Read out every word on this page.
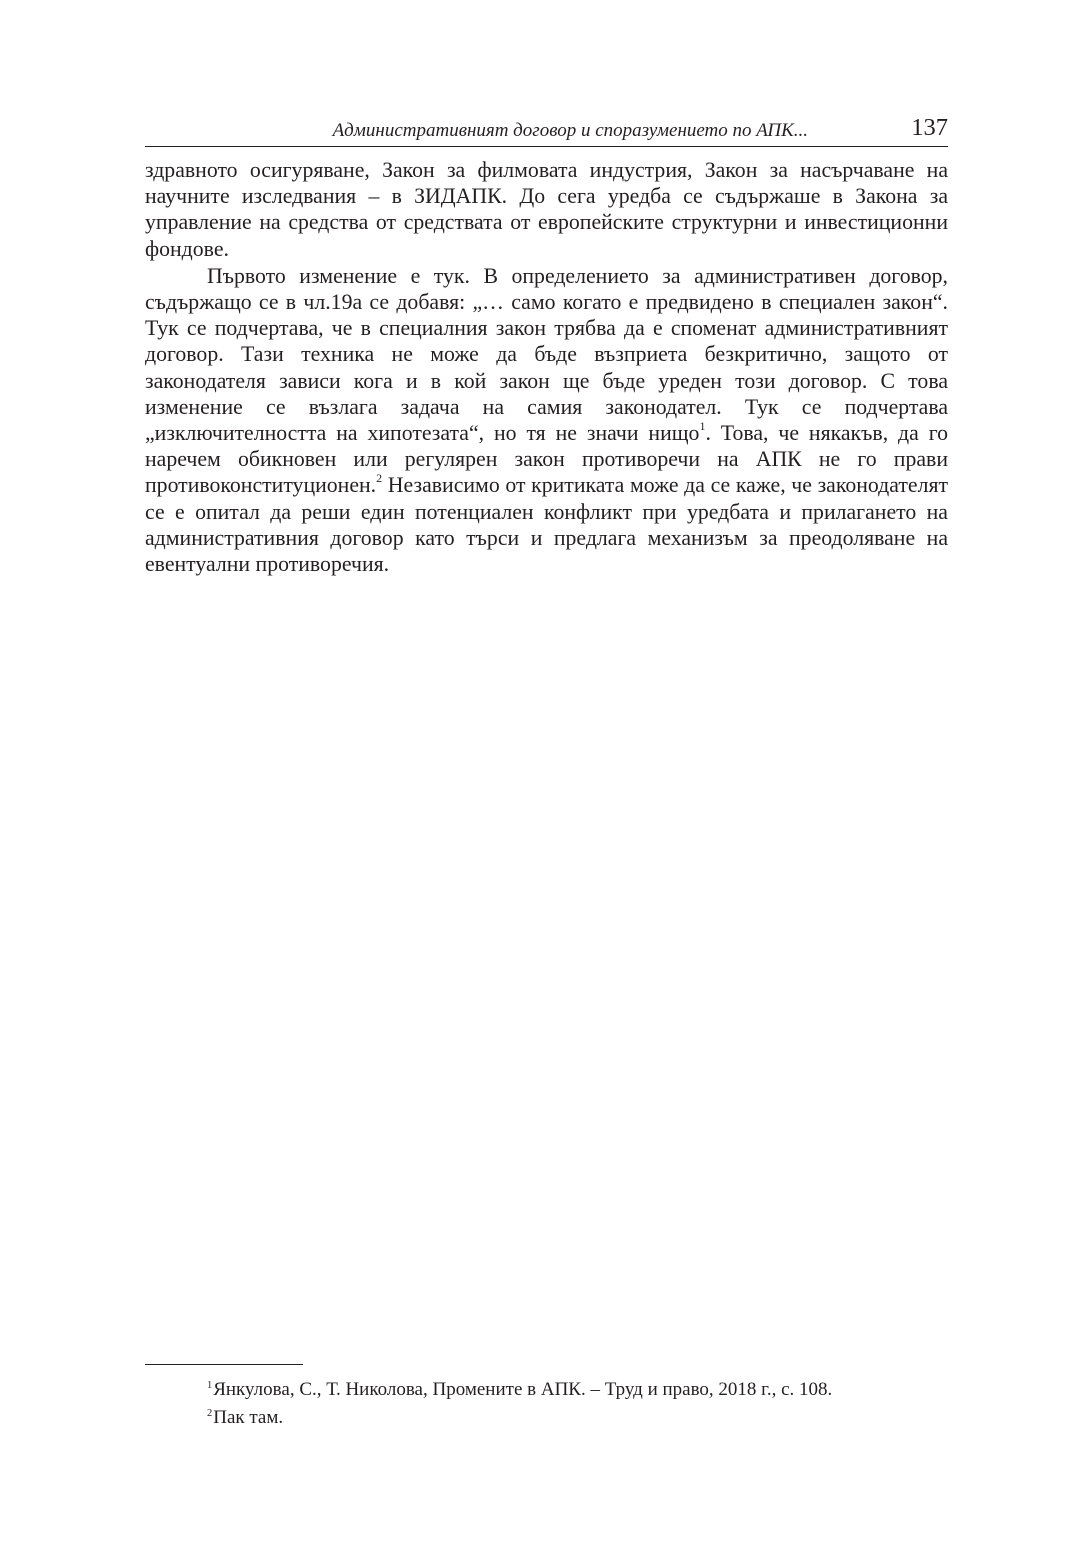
Административният договор и споразумението по АПК...	137

здравното осигуряване, Закон за филмовата индустрия, Закон за насърчаване на научните изследвания – в ЗИДАПК. До сега уредба се съдържаше в Закона за управление на средства от средствата от европейските структурни и инвестиционни фондове.

Първото изменение е тук. В определението за административен договор, съдържащо се в чл.19а се добавя: „… само когато е предвидено в специален закон“. Тук се подчертава, че в специалния закон трябва да е споменат административният договор. Тази техника не може да бъде възприета безкритично, защото от законодателя зависи кога и в кой закон ще бъде уреден този договор. С това изменение се възлага задача на самия законодател. Тук се подчертава „изключителността на хипотезата“, но тя не значи нищо$^1$. Това, че някакъв, да го наречем обикновен или регулярен закон противоречи на АПК не го прави противоконституционен.$^2$ Независимо от критиката може да се каже, че законодателят се е опитал да реши един потенциален конфликт при уредбата и прилагането на административния договор като търси и предлага механизъм за преодоляване на евентуални противоречия.

$^1$Янкулова, С., Т. Николова, Промените в АПК. – Труд и право, 2018 г., с. 108.
$^2$Пак там.
